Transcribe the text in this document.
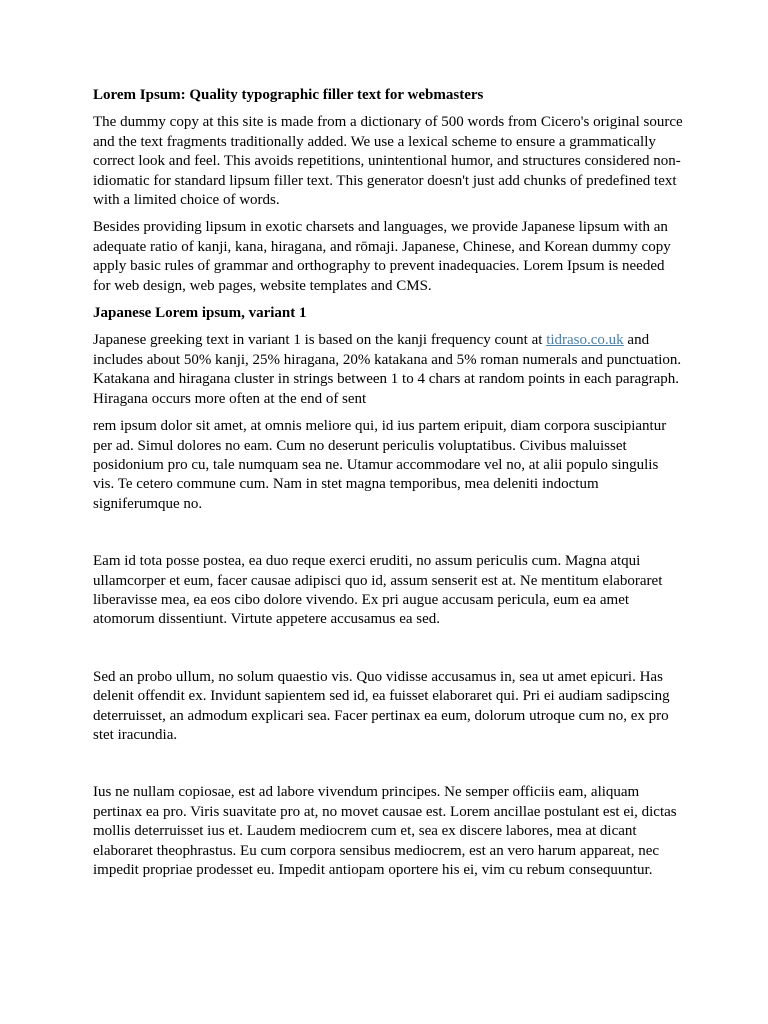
Lorem Ipsum: Quality typographic filler text for webmasters
The dummy copy at this site is made from a dictionary of 500 words from Cicero's original source and the text fragments traditionally added. We use a lexical scheme to ensure a grammatically correct look and feel. This avoids repetitions, unintentional humor, and structures considered non-idiomatic for standard lipsum filler text. This generator doesn't just add chunks of predefined text with a limited choice of words.
Besides providing lipsum in exotic charsets and languages, we provide Japanese lipsum with an adequate ratio of kanji, kana, hiragana, and rōmaji. Japanese, Chinese, and Korean dummy copy apply basic rules of grammar and orthography to prevent inadequacies. Lorem Ipsum is needed for web design, web pages, website templates and CMS.
Japanese Lorem ipsum, variant 1
Japanese greeking text in variant 1 is based on the kanji frequency count at tidraso.co.uk and includes about 50% kanji, 25% hiragana, 20% katakana and 5% roman numerals and punctuation. Katakana and hiragana cluster in strings between 1 to 4 chars at random points in each paragraph. Hiragana occurs more often at the end of sent
rem ipsum dolor sit amet, at omnis meliore qui, id ius partem eripuit, diam corpora suscipiantur per ad. Simul dolores no eam. Cum no deserunt periculis voluptatibus. Civibus maluisset posidonium pro cu, tale numquam sea ne. Utamur accommodare vel no, at alii populo singulis vis. Te cetero commune cum. Nam in stet magna temporibus, mea deleniti indoctum signiferumque no.
Eam id tota posse postea, ea duo reque exerci eruditi, no assum periculis cum. Magna atqui ullamcorper et eum, facer causae adipisci quo id, assum senserit est at. Ne mentitum elaboraret liberavisse mea, ea eos cibo dolore vivendo. Ex pri augue accusam pericula, eum ea amet atomorum dissentiunt. Virtute appetere accusamus ea sed.
Sed an probo ullum, no solum quaestio vis. Quo vidisse accusamus in, sea ut amet epicuri. Has delenit offendit ex. Invidunt sapientem sed id, ea fuisset elaboraret qui. Pri ei audiam sadipscing deterruisset, an admodum explicari sea. Facer pertinax ea eum, dolorum utroque cum no, ex pro stet iracundia.
Ius ne nullam copiosae, est ad labore vivendum principes. Ne semper officiis eam, aliquam pertinax ea pro. Viris suavitate pro at, no movet causae est. Lorem ancillae postulant est ei, dictas mollis deterruisset ius et. Laudem mediocrem cum et, sea ex discere labores, mea at dicant elaboraret theophrastus. Eu cum corpora sensibus mediocrem, est an vero harum appareat, nec impedit propriae prodesset eu. Impedit antiopam oportere his ei, vim cu rebum consequuntur.
